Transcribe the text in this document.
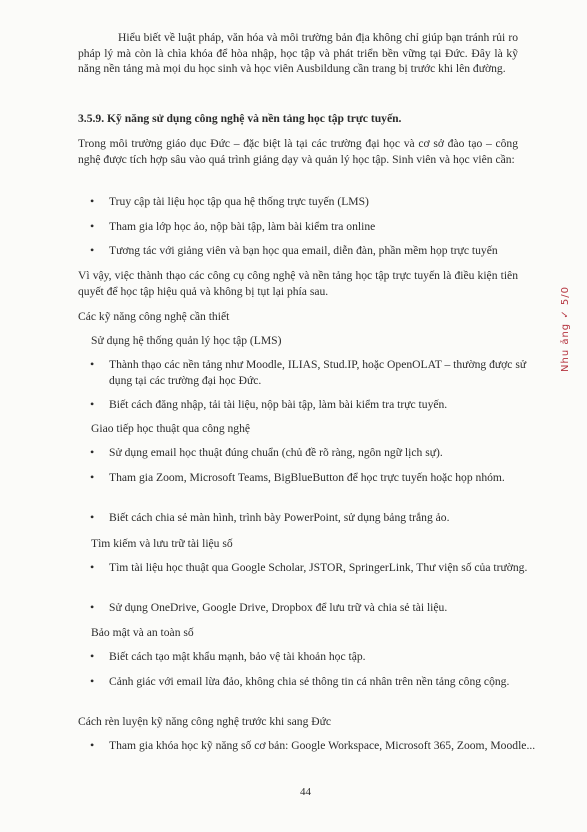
Hiểu biết về luật pháp, văn hóa và môi trường bản địa không chỉ giúp bạn tránh rủi ro pháp lý mà còn là chìa khóa để hòa nhập, học tập và phát triển bền vững tại Đức. Đây là kỹ năng nền tảng mà mọi du học sinh và học viên Ausbildung cần trang bị trước khi lên đường.

3.5.9. Kỹ năng sử dụng công nghệ và nền tảng học tập trực tuyến.

Trong môi trường giáo dục Đức – đặc biệt là tại các trường đại học và cơ sở đào tạo – công nghệ được tích hợp sâu vào quá trình giảng dạy và quản lý học tập. Sinh viên và học viên cần:

• Truy cập tài liệu học tập qua hệ thống trực tuyến (LMS)
• Tham gia lớp học ảo, nộp bài tập, làm bài kiểm tra online
• Tương tác với giảng viên và bạn học qua email, diễn đàn, phần mềm họp trực tuyến

Vì vậy, việc thành thạo các công cụ công nghệ và nền tảng học tập trực tuyến là điều kiện tiên quyết để học tập hiệu quả và không bị tụt lại phía sau.

Các kỹ năng công nghệ cần thiết

Sử dụng hệ thống quản lý học tập (LMS)

• Thành thạo các nền tảng như Moodle, ILIAS, Stud.IP, hoặc OpenOLAT – thường được sử dụng tại các trường đại học Đức.
• Biết cách đăng nhập, tải tài liệu, nộp bài tập, làm bài kiểm tra trực tuyến.

Giao tiếp học thuật qua công nghệ

• Sử dụng email học thuật đúng chuẩn (chủ đề rõ ràng, ngôn ngữ lịch sự).
• Tham gia Zoom, Microsoft Teams, BigBlueButton để học trực tuyến hoặc họp nhóm.
• Biết cách chia sẻ màn hình, trình bày PowerPoint, sử dụng bảng trắng ảo.

Tìm kiếm và lưu trữ tài liệu số

• Tìm tài liệu học thuật qua Google Scholar, JSTOR, SpringerLink, Thư viện số của trường.
• Sử dụng OneDrive, Google Drive, Dropbox để lưu trữ và chia sẻ tài liệu.

Bảo mật và an toàn số

• Biết cách tạo mật khẩu mạnh, bảo vệ tài khoản học tập.
• Cảnh giác với email lừa đảo, không chia sẻ thông tin cá nhân trên nền tảng công cộng.

Cách rèn luyện kỹ năng công nghệ trước khi sang Đức

• Tham gia khóa học kỹ năng số cơ bản: Google Workspace, Microsoft 365, Zoom, Moodle...
44
Nhu ảng ✓ 5/0
